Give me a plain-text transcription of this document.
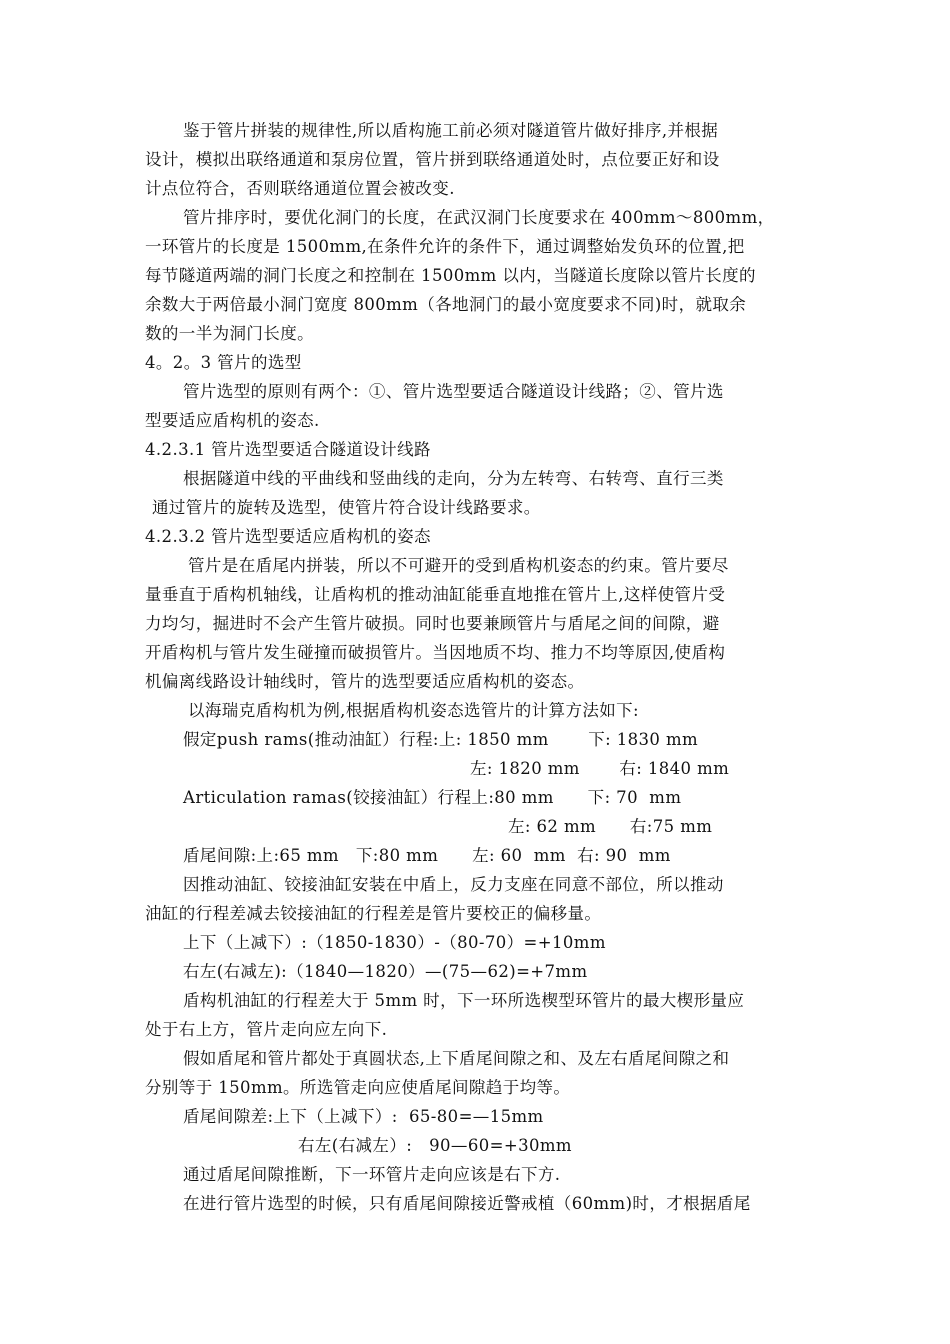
鉴于管片拼装的规律性,所以盾构施工前必须对隧道管片做好排序,并根据
设计，模拟出联络通道和泵房位置，管片拼到联络通道处时，点位要正好和设
计点位符合，否则联络通道位置会被改变.
管片排序时，要优化洞门的长度，在武汉洞门长度要求在 400mm～800mm，
一环管片的长度是 1500mm,在条件允许的条件下，通过调整始发负环的位置,把
每节隧道两端的洞门长度之和控制在 1500mm 以内，当隧道长度除以管片长度的
余数大于两倍最小洞门宽度 800mm（各地洞门的最小宽度要求不同)时，就取余
数的一半为洞门长度。
4。2。3 管片的选型
管片选型的原则有两个：①、管片选型要适合隧道设计线路；②、管片选
型要适应盾构机的姿态.
4.2.3.1 管片选型要适合隧道设计线路
根据隧道中线的平曲线和竖曲线的走向，分为左转弯、右转弯、直行三类
通过管片的旋转及选型，使管片符合设计线路要求。
4.2.3.2 管片选型要适应盾构机的姿态
管片是在盾尾内拼装，所以不可避开的受到盾构机姿态的约束。管片要尽
量垂直于盾构机轴线，让盾构机的推动油缸能垂直地推在管片上,这样使管片受
力均匀，掘进时不会产生管片破损。同时也要兼顾管片与盾尾之间的间隙，避
开盾构机与管片发生碰撞而破损管片。当因地质不均、推力不均等原因,使盾构
机偏离线路设计轴线时，管片的选型要适应盾构机的姿态。
以海瑞克盾构机为例,根据盾构机姿态选管片的计算方法如下:
假定push rams(推动油缸）行程:上: 1850 mm       下: 1830 mm
左: 1820 mm       右: 1840 mm
Articulation ramas(铰接油缸）行程上:80 mm      下: 70  mm
左: 62 mm      右:75 mm
盾尾间隙:上:65 mm   下:80 mm      左: 60  mm  右: 90  mm
因推动油缸、铰接油缸安装在中盾上，反力支座在同意不部位，所以推动
油缸的行程差减去铰接油缸的行程差是管片要校正的偏移量。
上下（上减下）:（1850-1830）-（80-70）=+10mm
右左(右减左):（1840—1820）—(75—62)=+7mm
盾构机油缸的行程差大于 5mm 时，下一环所选楔型环管片的最大楔形量应
处于右上方，管片走向应左向下.
假如盾尾和管片都处于真圆状态,上下盾尾间隙之和、及左右盾尾间隙之和
分别等于 150mm。所选管走向应使盾尾间隙趋于均等。
盾尾间隙差:上下（上减下）:  65-80=—15mm
右左(右减左）:   90—60=+30mm
通过盾尾间隙推断，下一环管片走向应该是右下方.
在进行管片选型的时候，只有盾尾间隙接近警戒植（60mm)时，才根据盾尾
